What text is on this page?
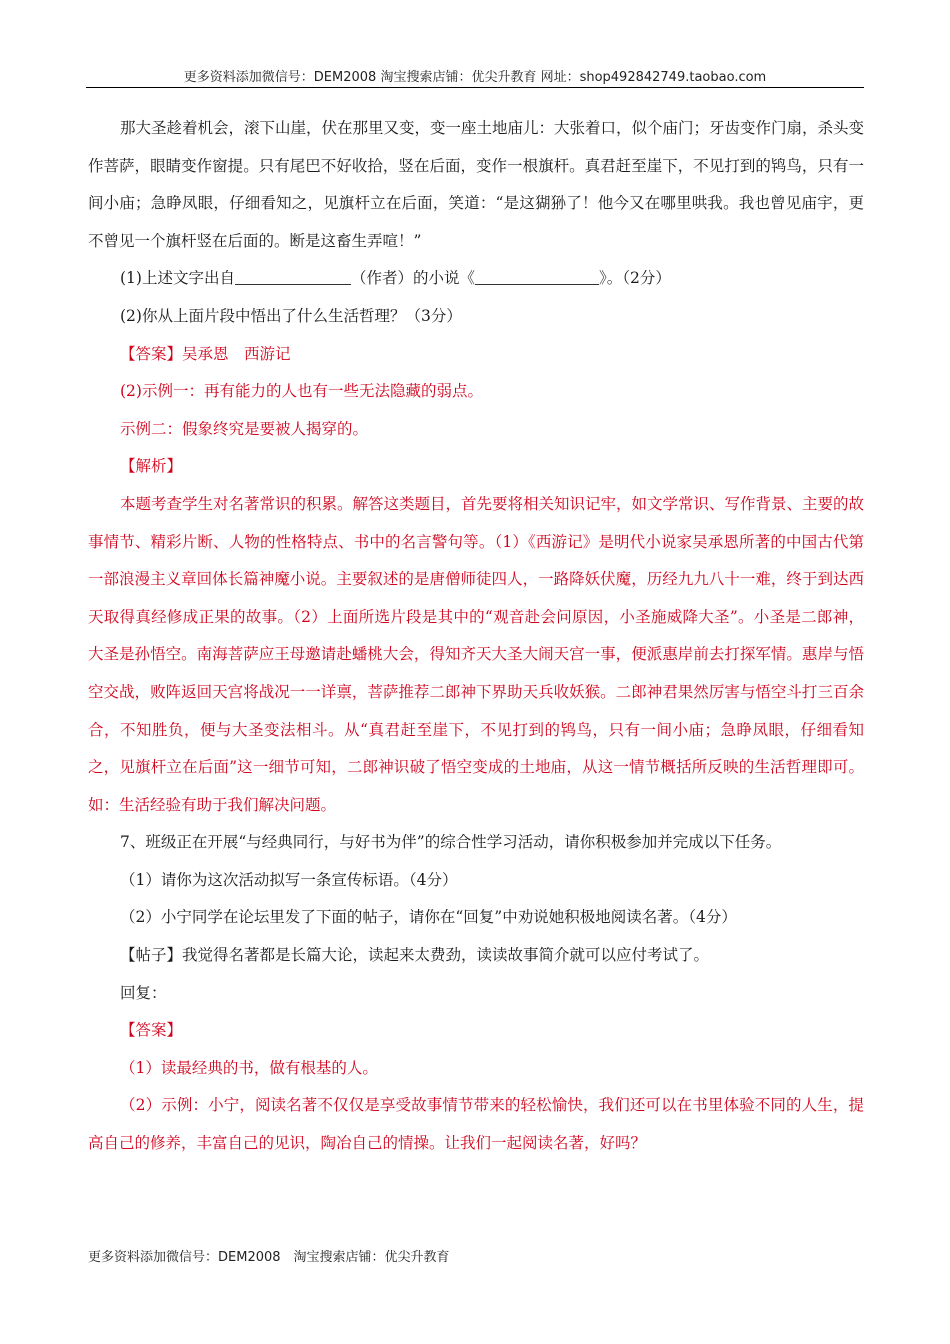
更多资料添加微信号：DEM2008 淘宝搜索店铺：优尖升教育 网址：shop492842749.taobao.com

那大圣趁着机会，滚下山崖，伏在那里又变，变一座土地庙儿：大张着口，似个庙门；牙齿变作门扇，杀头变作菩萨，眼睛变作窗提。只有尾巴不好收拾，竖在后面，变作一根旗杆。真君赶至崖下，不见打到的鸨鸟，只有一间小庙；急睁凤眼，仔细看知之，见旗杆立在后面，笑道：“是这猢狲了！他今又在哪里哄我。我也曾见庙宇，更不曾见一个旗杆竖在后面的。断是这畜生弄喧！”

(1)上述文字出自	（作者）的小说《	》。（2分）

(2)你从上面片段中悟出了什么生活哲理？（3分）

【答案】吴承恩　西游记

(2)示例一：再有能力的人也有一些无法隐藏的弱点。

示例二：假象终究是要被人揭穿的。

【解析】

本题考查学生对名著常识的积累。解答这类题目，首先要将相关知识记牢，如文学常识、写作背景、主要的故事情节、精彩片断、人物的性格特点、书中的名言警句等。（1）《西游记》是明代小说家吴承恩所著的中国古代第一部浪漫主义章回体长篇神魔小说。主要叙述的是唐僧师徒四人，一路降妖伏魔，历经九九八十一难，终于到达西天取得真经修成正果的故事。（2）上面所选片段是其中的“观音赴会问原因，小圣施威降大圣”。小圣是二郎神，大圣是孙悟空。南海菩萨应王母邀请赴蟠桃大会，得知齐天大圣大闹天宫一事，便派惠岸前去打探军情。惠岸与悟空交战，败阵返回天宫将战况一一详禀，菩萨推荐二郎神下界助天兵收妖猴。二郎神君果然厉害与悟空斗打三百余合，不知胜负，便与大圣变法相斗。从“真君赶至崖下，不见打到的鸨鸟，只有一间小庙；急睁凤眼，仔细看知之，见旗杆立在后面”这一细节可知，二郎神识破了悟空变成的土地庙，从这一情节概括所反映的生活哲理即可。如：生活经验有助于我们解决问题。

7、班级正在开展“与经典同行，与好书为伴”的综合性学习活动，请你积极参加并完成以下任务。

（1）请你为这次活动拟写一条宣传标语。（4分）

（2）小宁同学在论坛里发了下面的帖子，请你在“回复”中劝说她积极地阅读名著。（4分）

【帖子】我觉得名著都是长篇大论，读起来太费劲，读读故事简介就可以应付考试了。

回复：

【答案】

（1）读最经典的书，做有根基的人。

（2）示例：小宁，阅读名著不仅仅是享受故事情节带来的轻松愉快，我们还可以在书里体验不同的人生，提高自己的修养，丰富自己的见识，陶冶自己的情操。让我们一起阅读名著，好吗？

更多资料添加微信号：DEM2008　淘宝搜索店铺：优尖升教育
